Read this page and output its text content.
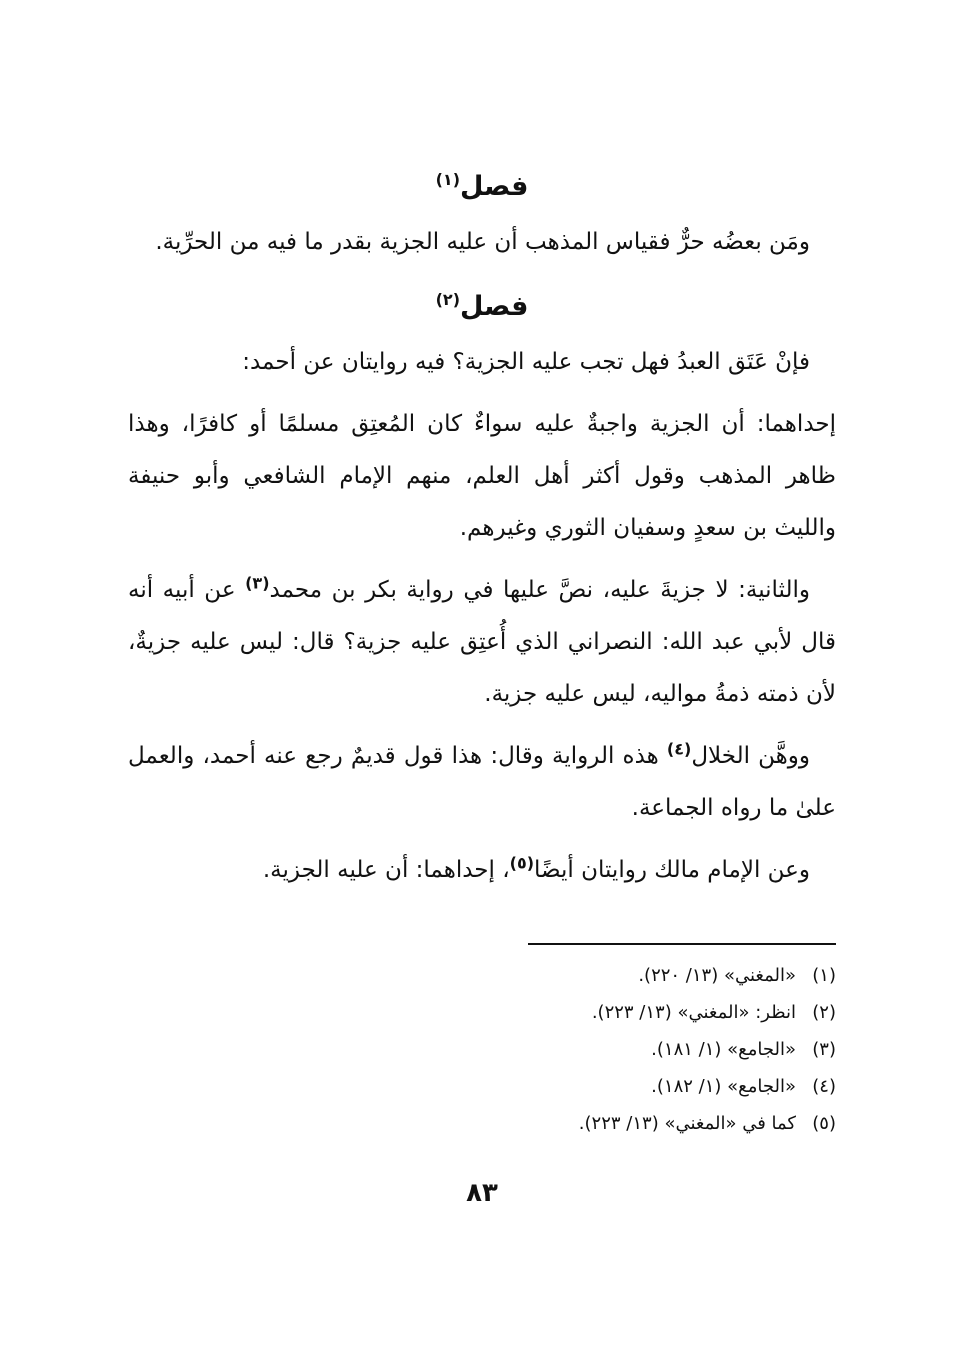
فصل$^{(١)}$

ومَن بعضُه حرٌّ فقياس المذهب أن عليه الجزية بقدر ما فيه من الحرِّية.

فصل$^{(٢)}$

فإنْ عَتَق العبدُ فهل تجب عليه الجزية؟ فيه روايتان عن أحمد:

إحداهما: أن الجزية واجبةٌ عليه سواءٌ كان المُعتِق مسلمًا أو كافرًا، وهذا ظاهر المذهب وقول أكثر أهل العلم، منهم الإمام الشافعي وأبو حنيفة والليث بن سعدٍ وسفيان الثوري وغيرهم.

والثانية: لا جزيةَ عليه، نصَّ عليها في رواية بكر بن محمد$^{(٣)}$ عن أبيه أنه قال لأبي عبد الله: النصراني الذي أُعتِق عليه جزية؟ قال: ليس عليه جزيةٌ، لأن ذمته ذمةُ مواليه، ليس عليه جزية.

ووهَّن الخلال$^{(٤)}$ هذه الرواية وقال: هذا قول قديمٌ رجع عنه أحمد، والعمل علىٰ ما رواه الجماعة.

وعن الإمام مالك روايتان أيضًا$^{(٥)}$، إحداهما: أن عليه الجزية.

(١)«المغني» (١٣/ ٢٢٠).
(٢)انظر: «المغني» (١٣/ ٢٢٣).
(٣)«الجامع» (١/ ١٨١).
(٤)«الجامع» (١/ ١٨٢).
(٥)كما في «المغني» (١٣/ ٢٢٣).
٨٣
